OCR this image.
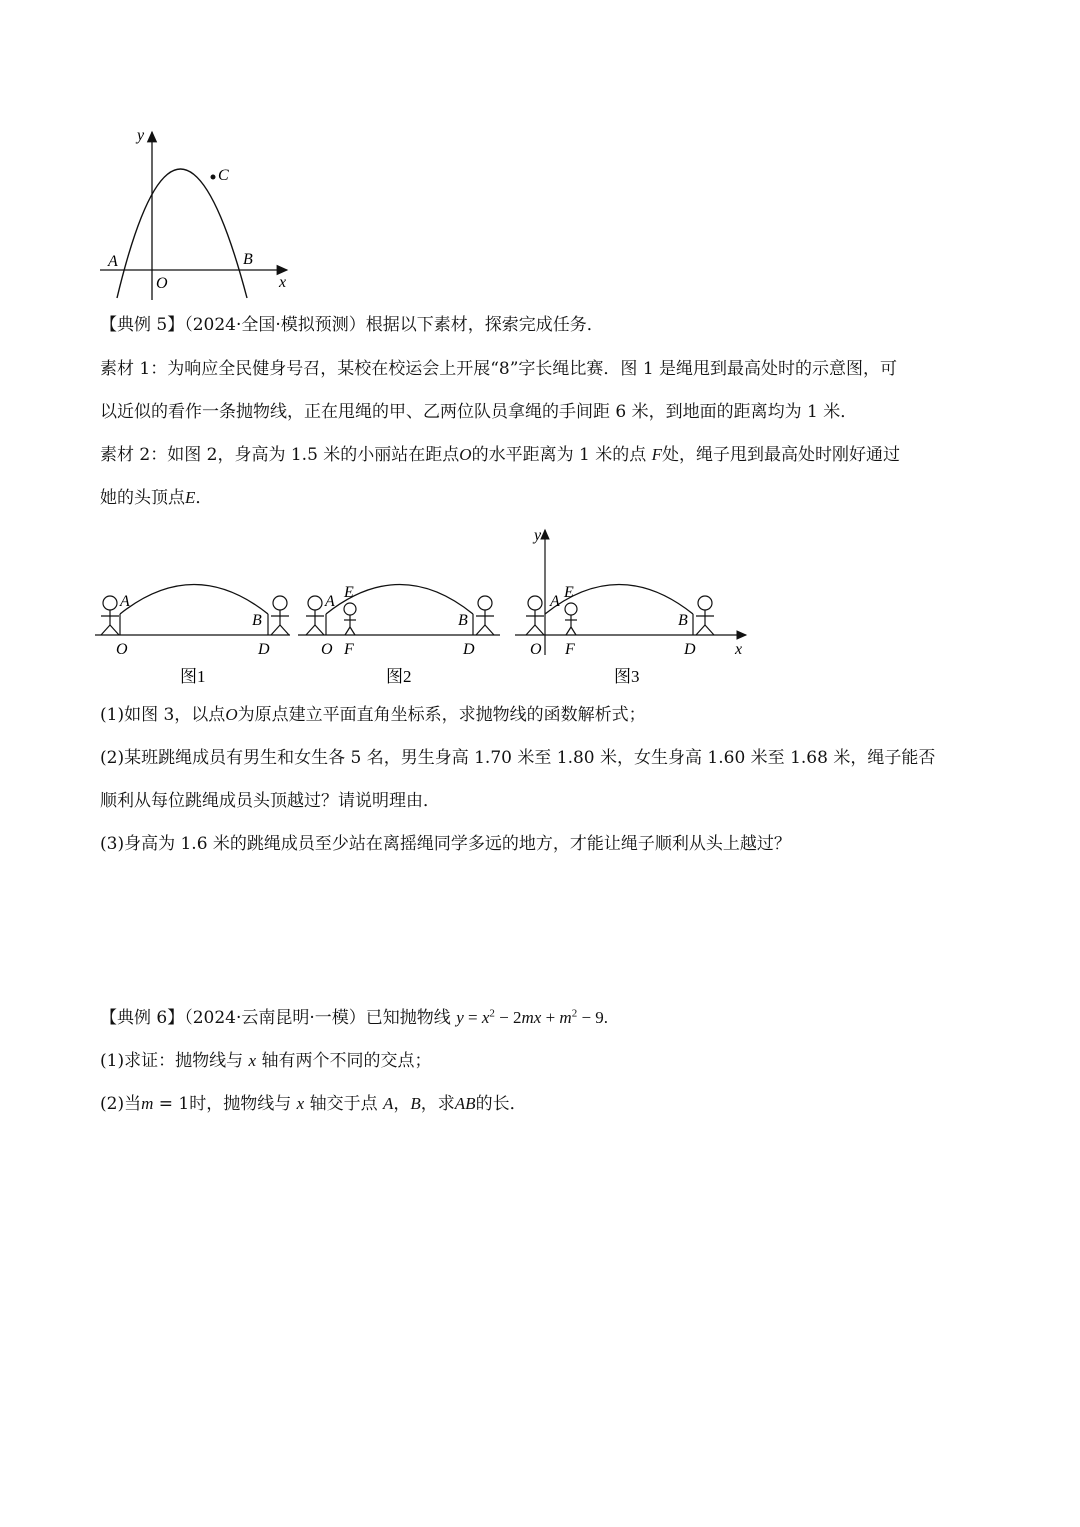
y
x
O
A	B
C
【典例 5】（2024·全国·模拟预测）根据以下素材，探索完成任务．
素材 1：为响应全民健身号召，某校在校运会上开展“8”字长绳比赛．图 1 是绳甩到最高处时的示意图，可
以近似的看作一条抛物线，正在甩绳的甲、乙两位队员拿绳的手间距 6 米，到地面的距离均为 1 米．
素材 2：如图 2，身高为 1.5 米的小丽站在距点O的水平距离为 1 米的点 F处，绳子甩到最高处时刚好通过
她的头顶点E．
A
B
O	D
图1
A
E
B
O F	D
图2
y
A
E
B
O F	D x
图3
(1)如图 3，以点O为原点建立平面直角坐标系，求抛物线的函数解析式；
(2)某班跳绳成员有男生和女生各 5 名，男生身高 1.70 米至 1.80 米，女生身高 1.60 米至 1.68 米，绳子能否
顺利从每位跳绳成员头顶越过？请说明理由．
(3)身高为 1.6 米的跳绳成员至少站在离摇绳同学多远的地方，才能让绳子顺利从头上越过？
【典例 6】（2024·云南昆明·一模）已知抛物线 $y = x^2 - 2mx + m^2 - 9$.
(1)求证：抛物线与 x 轴有两个不同的交点；
(2)当m = 1时，抛物线与 x 轴交于点 A，B，求AB的长．
